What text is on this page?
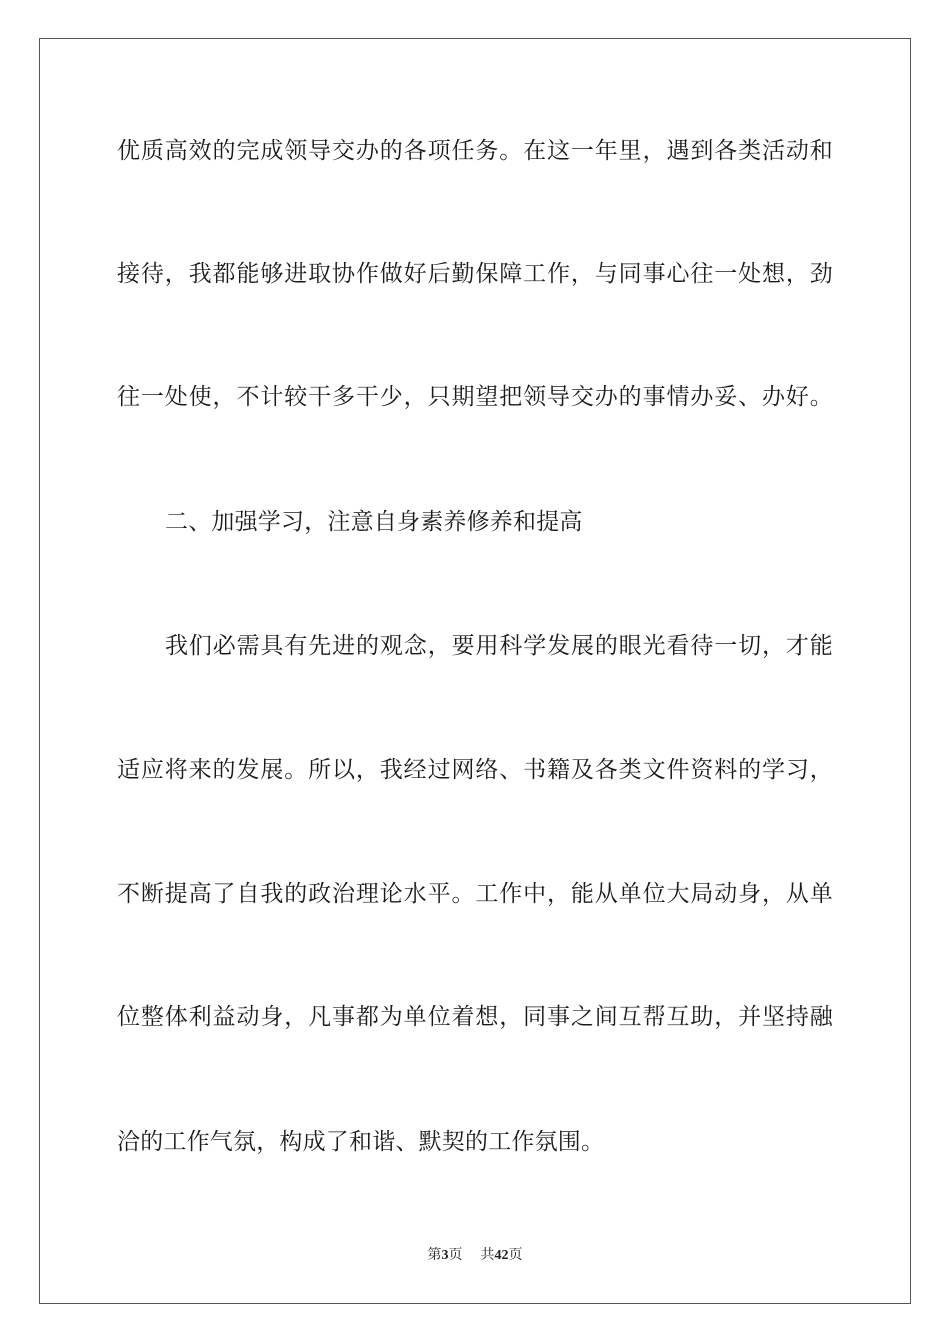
优质高效的完成领导交办的各项任务。在这一年里，遇到各类活动和
接待，我都能够进取协作做好后勤保障工作，与同事心往一处想，劲
往一处使，不计较干多干少，只期望把领导交办的事情办妥、办好。
二、加强学习，注意自身素养修养和提高
我们必需具有先进的观念，要用科学发展的眼光看待一切，才能
适应将来的发展。所以，我经过网络、书籍及各类文件资料的学习，
不断提高了自我的政治理论水平。工作中，能从单位大局动身，从单
位整体利益动身，凡事都为单位着想，同事之间互帮互助，并坚持融
洽的工作气氛，构成了和谐、默契的工作氛围。
第3页 共42页
